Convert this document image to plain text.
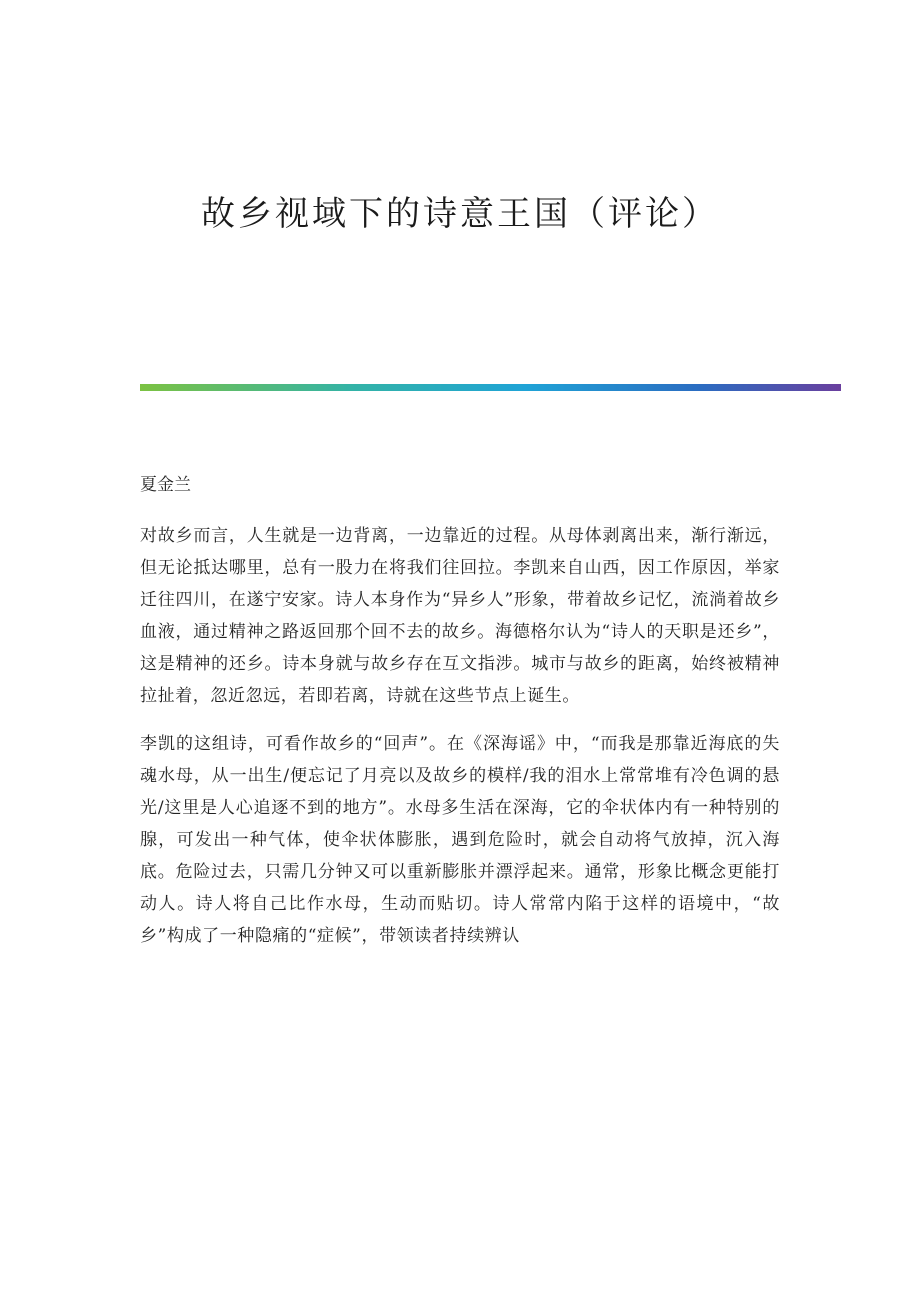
故乡视域下的诗意王国（评论）

夏金兰

对故乡而言，人生就是一边背离，一边靠近的过程。从母体剥离出来，渐行渐远，但无论抵达哪里，总有一股力在将我们往回拉。李凯来自山西，因工作原因，举家迁往四川，在遂宁安家。诗人本身作为“异乡人”形象，带着故乡记忆，流淌着故乡血液，通过精神之路返回那个回不去的故乡。海德格尔认为“诗人的天职是还乡”，这是精神的还乡。诗本身就与故乡存在互文指涉。城市与故乡的距离，始终被精神拉扯着，忽近忽远，若即若离，诗就在这些节点上诞生。

李凯的这组诗，可看作故乡的“回声”。在《深海谣》中，“而我是那靠近海底的失魂水母，从一出生/便忘记了月亮以及故乡的模样/我的泪水上常常堆有冷色调的悬光/这里是人心追逐不到的地方”。水母多生活在深海，它的伞状体内有一种特别的腺，可发出一种气体，使伞状体膨胀，遇到危险时，就会自动将气放掉，沉入海底。危险过去，只需几分钟又可以重新膨胀并漂浮起来。通常，形象比概念更能打动人。诗人将自己比作水母，生动而贴切。诗人常常内陷于这样的语境中，“故乡”构成了一种隐痛的“症候”，带领读者持续辨认
